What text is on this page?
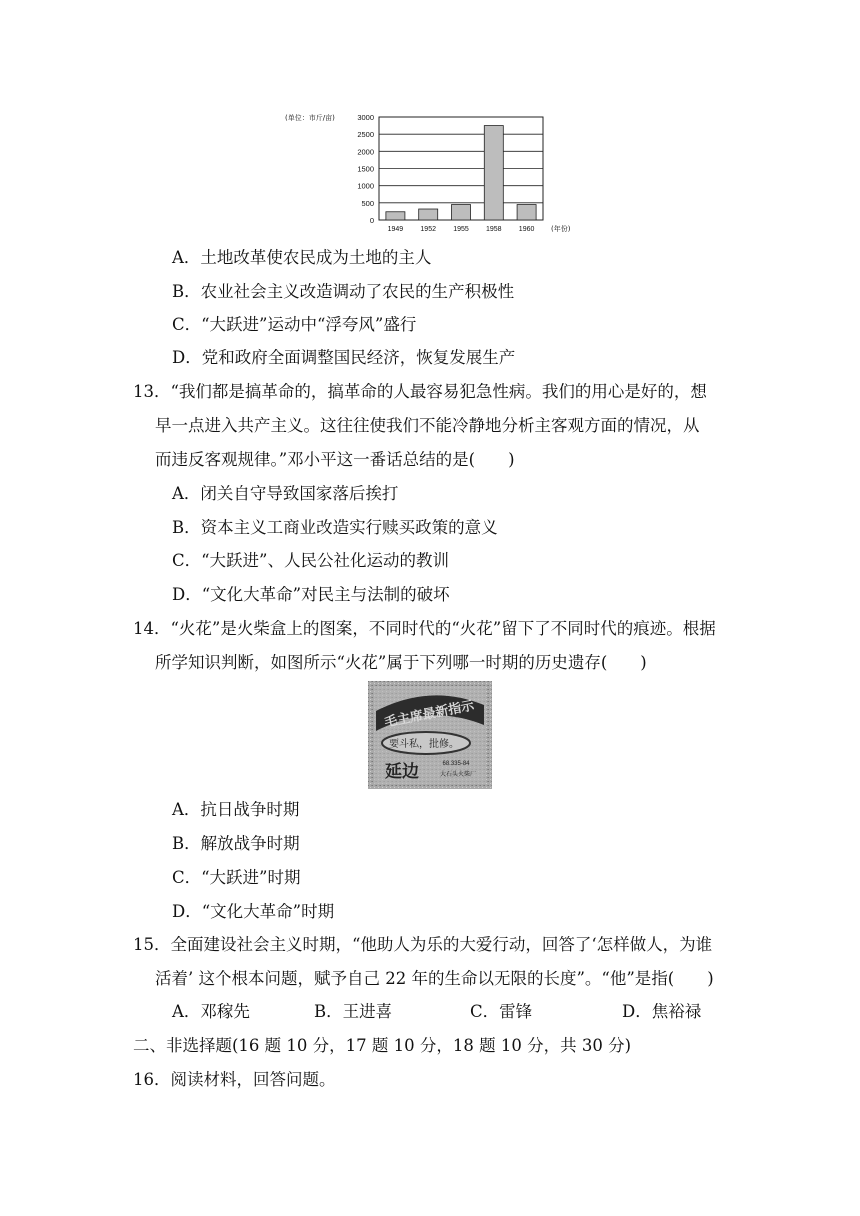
0
500
1000
1500
2000
2500
3000
1949 1952 1955 1958 1960
(单位：市斤/亩)
(年份)
A．土地改革使农民成为土地的主人
B．农业社会主义改造调动了农民的生产积极性
C．“大跃进”运动中“浮夸风”盛行
D．党和政府全面调整国民经济，恢复发展生产
13．“我们都是搞革命的，搞革命的人最容易犯急性病。我们的用心是好的，想
早一点进入共产主义。这往往使我们不能冷静地分析主客观方面的情况，从
而违反客观规律。”邓小平这一番话总结的是(　　)
A．闭关自守导致国家落后挨打
B．资本主义工商业改造实行赎买政策的意义
C．“大跃进”、人民公社化运动的教训
D．“文化大革命”对民主与法制的破坏
14．“火花”是火柴盒上的图案，不同时代的“火花”留下了不同时代的痕迹。根据
所学知识判断，如图所示“火花”属于下列哪一时期的历史遗存(　　)
毛主席最新指示
要斗私，批修。
延边	68.335-84
大石头火柴厂
A．抗日战争时期
B．解放战争时期
C．“大跃进”时期
D．“文化大革命”时期
15．全面建设社会主义时期，“他助人为乐的大爱行动，回答了‘怎样做人，为谁
活着’ 这个根本问题，赋予自己 22 年的生命以无限的长度”。“他”是指(　　)
A．邓稼先	B．王进喜	C．雷锋	D．焦裕禄
二、非选择题(16 题 10 分，17 题 10 分，18 题 10 分，共 30 分)
16．阅读材料，回答问题。
